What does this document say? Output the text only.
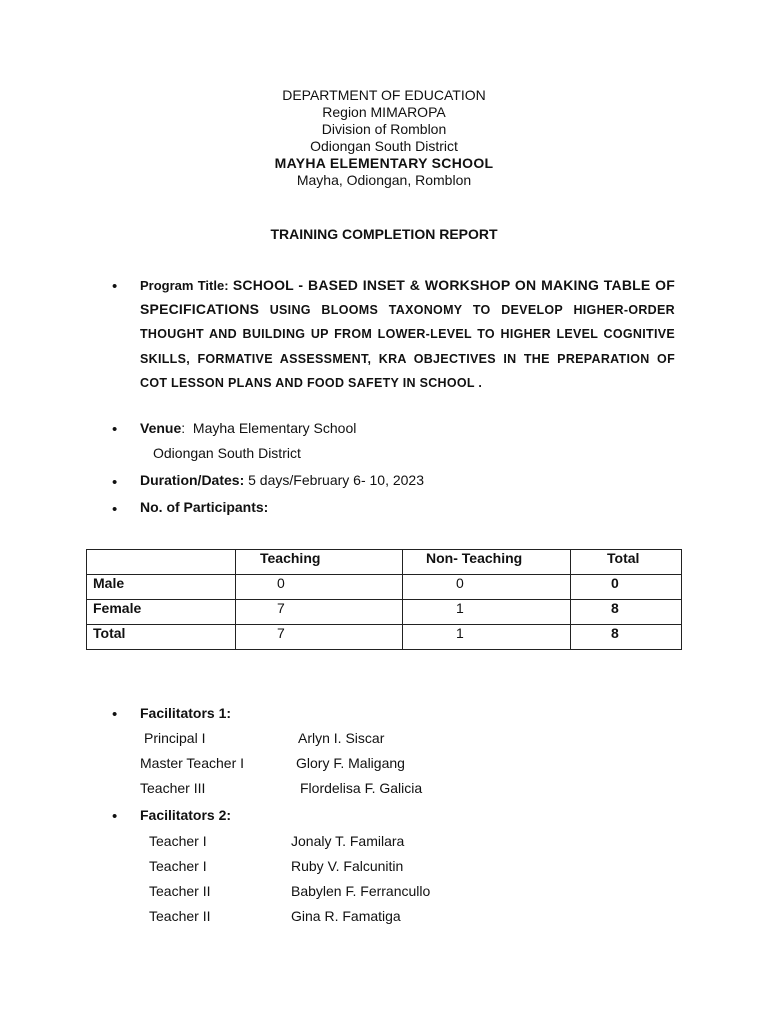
DEPARTMENT OF EDUCATION
Region MIMAROPA
Division of Romblon
Odiongan South District
MAYHA ELEMENTARY SCHOOL
Mayha, Odiongan, Romblon
TRAINING COMPLETION REPORT
• Program Title: SCHOOL - BASED INSET & WORKSHOP ON MAKING TABLE OF SPECIFICATIONS USING BLOOMS TAXONOMY TO DEVELOP HIGHER-ORDER THOUGHT AND BUILDING UP FROM LOWER-LEVEL TO HIGHER LEVEL COGNITIVE SKILLS, FORMATIVE ASSESSMENT, KRA OBJECTIVES IN THE PREPARATION OF COT LESSON PLANS AND FOOD SAFETY IN SCHOOL .
• Venue:  Mayha Elementary School
Odiongan South District
• Duration/Dates: 5 days/February 6- 10, 2023
• No. of Participants:
	Teaching	Non- Teaching	Total
Male	0	0	0
Female	7	1	8
Total	7	1	8
• Facilitators 1:
Principal I	Arlyn I. Siscar
Master Teacher I	Glory F. Maligang
Teacher III	Flordelisa F. Galicia
• Facilitators 2:
Teacher I	Jonaly T. Familara
Teacher I	Ruby V. Falcunitin
Teacher II	Babylen F. Ferrancullo
Teacher II	Gina R. Famatiga
